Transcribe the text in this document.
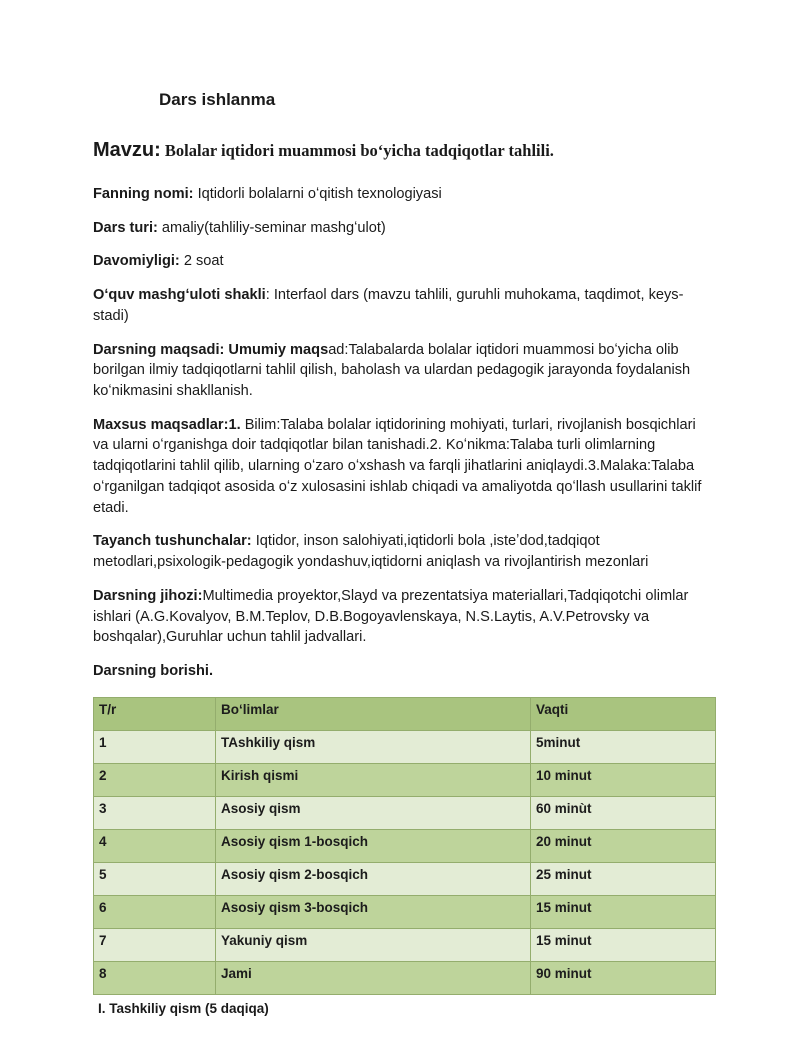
Dars ishlanma

Mavzu: Bolalar iqtidori muammosi boʻyicha tadqiqotlar tahlili.

Fanning nomi: Iqtidorli bolalarni oʻqitish texnologiyasi

Dars turi: amaliy(tahliliy-seminar mashgʻulot)

Davomiyligi: 2 soat

Oʻquv mashgʻuloti shakli: Interfaol dars (mavzu tahlili, guruhli muhokama, taqdimot, keys-stadi)

Darsning maqsadi: Umumiy maqsad:Talabalarda bolalar iqtidori muammosi boʻyicha olib borilgan ilmiy tadqiqotlarni tahlil qilish, baholash va ulardan pedagogik jarayonda foydalanish koʻnikmasini shakllanish.

Maxsus maqsadlar:1. Bilim:Talaba bolalar iqtidorining mohiyati, turlari, rivojlanish bosqichlari va ularni oʻrganishga doir tadqiqotlar bilan tanishadi.2. Koʻnikma:Talaba turli olimlarning tadqiqotlarini tahlil qilib, ularning oʻzaro oʻxshash va farqli jihatlarini aniqlaydi.3.Malaka:Talaba oʻrganilgan tadqiqot asosida oʻz xulosasini ishlab chiqadi va amaliyotda qoʻllash usullarini taklif etadi.

Tayanch tushunchalar: Iqtidor, inson salohiyati,iqtidorli bola ,isteʼdod,tadqiqot metodlari,psixologik-pedagogik yondashuv,iqtidorni aniqlash va rivojlantirish mezonlari

Darsning jihozi:Multimedia proyektor,Slayd va prezentatsiya materiallari,Tadqiqotchi olimlar ishlari (A.G.Kovalyov, B.M.Teplov, D.B.Bogoyavlenskaya, N.S.Laytis, A.V.Petrovsky va boshqalar),Guruhlar uchun tahlil jadvallari.

Darsning borishi.

T/r	Boʻlimlar	Vaqti
1	TAshkiliy qism	5minut
2	Kirish qismi	10 minut
3	Asosiy qism	60 minùt
4	Asosiy qism 1-bosqich	20 minut
5	Asosiy qism 2-bosqich	25 minut
6	Asosiy qism 3-bosqich	15 minut
7	Yakuniy qism	15 minut
8	Jami	90 minut

I. Tashkiliy qism (5 daqiqa)
